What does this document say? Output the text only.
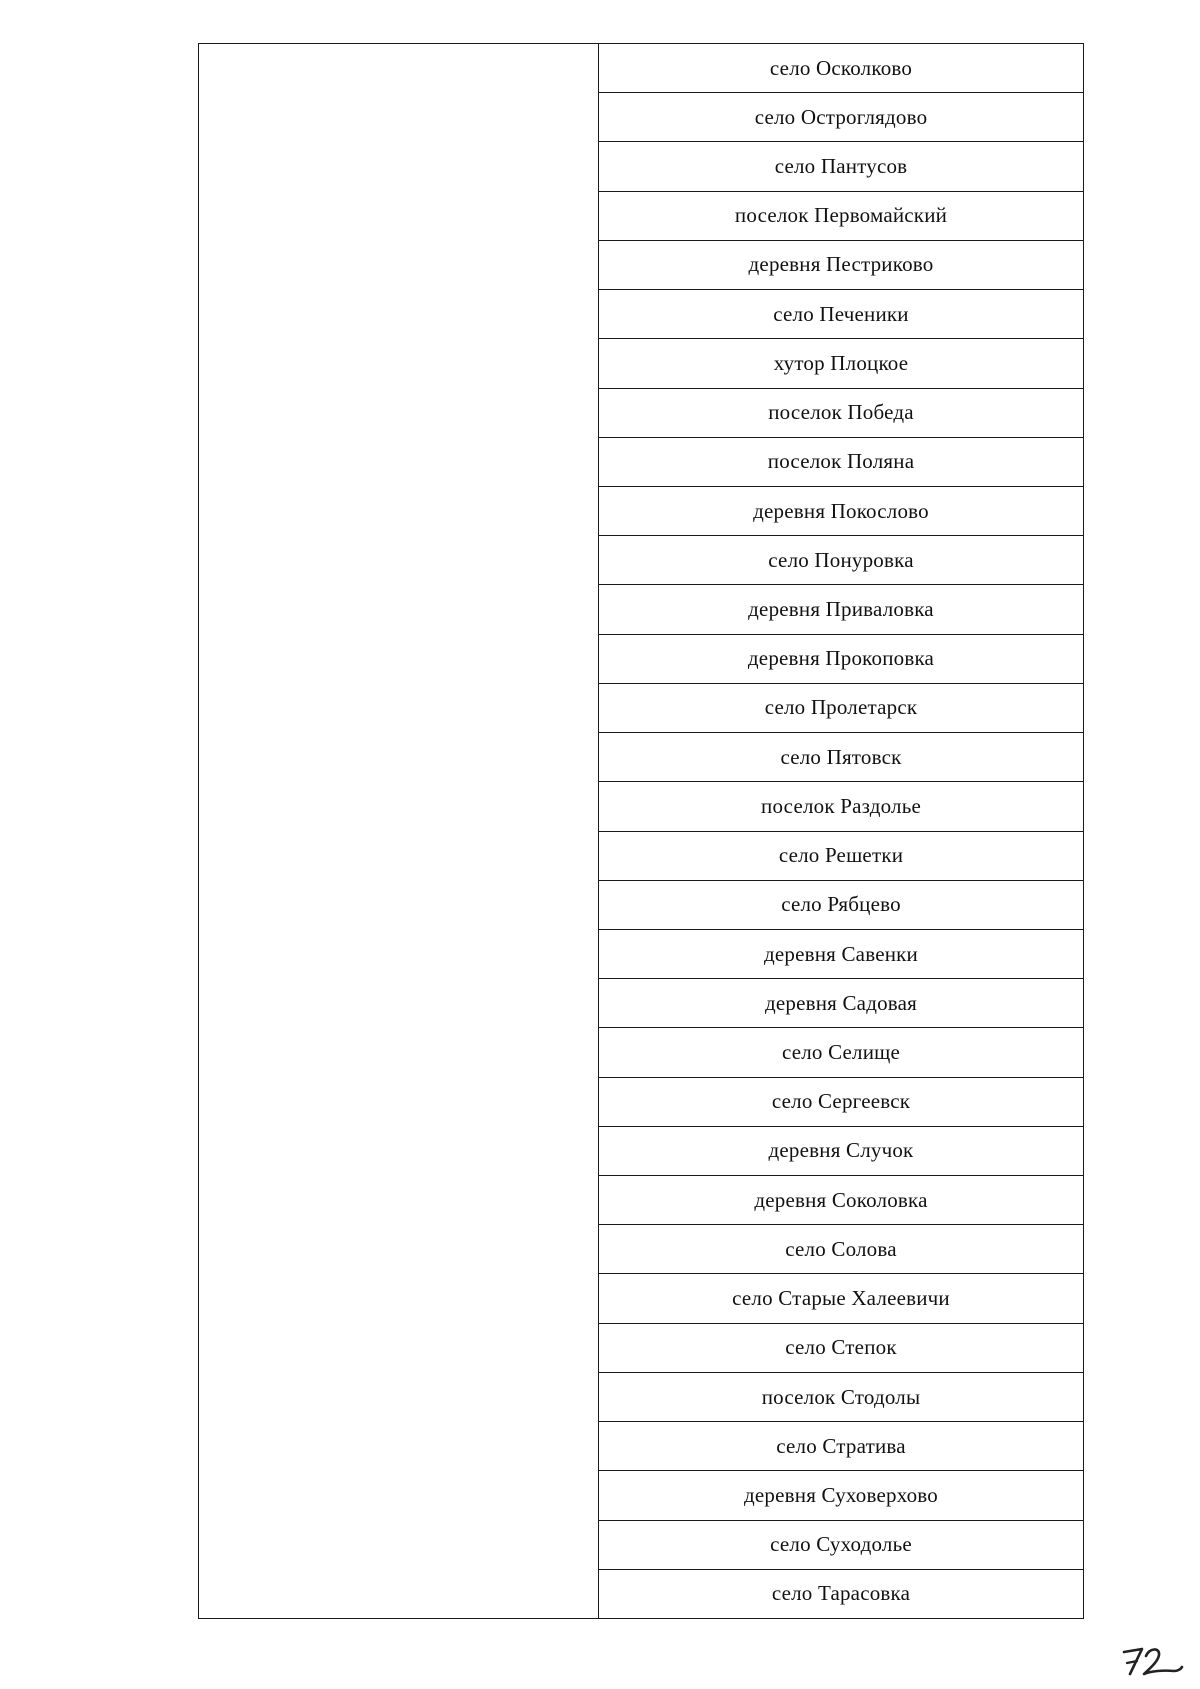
село Осколково
село Остроглядово
село Пантусов
поселок Первомайский
деревня Пестриково
село Печеники
хутор Плоцкое
поселок Победа
поселок Поляна
деревня Покослово
село Понуровка
деревня Приваловка
деревня Прокоповка
село Пролетарск
село Пятовск
поселок Раздолье
село Решетки
село Рябцево
деревня Савенки
деревня Садовая
село Селище
село Сергеевск
деревня Случок
деревня Соколовка
село Солова
село Старые Халеевичи
село Степок
поселок Стодолы
село Стратива
деревня Суховерхово
село Суходолье
село Тарасовка
